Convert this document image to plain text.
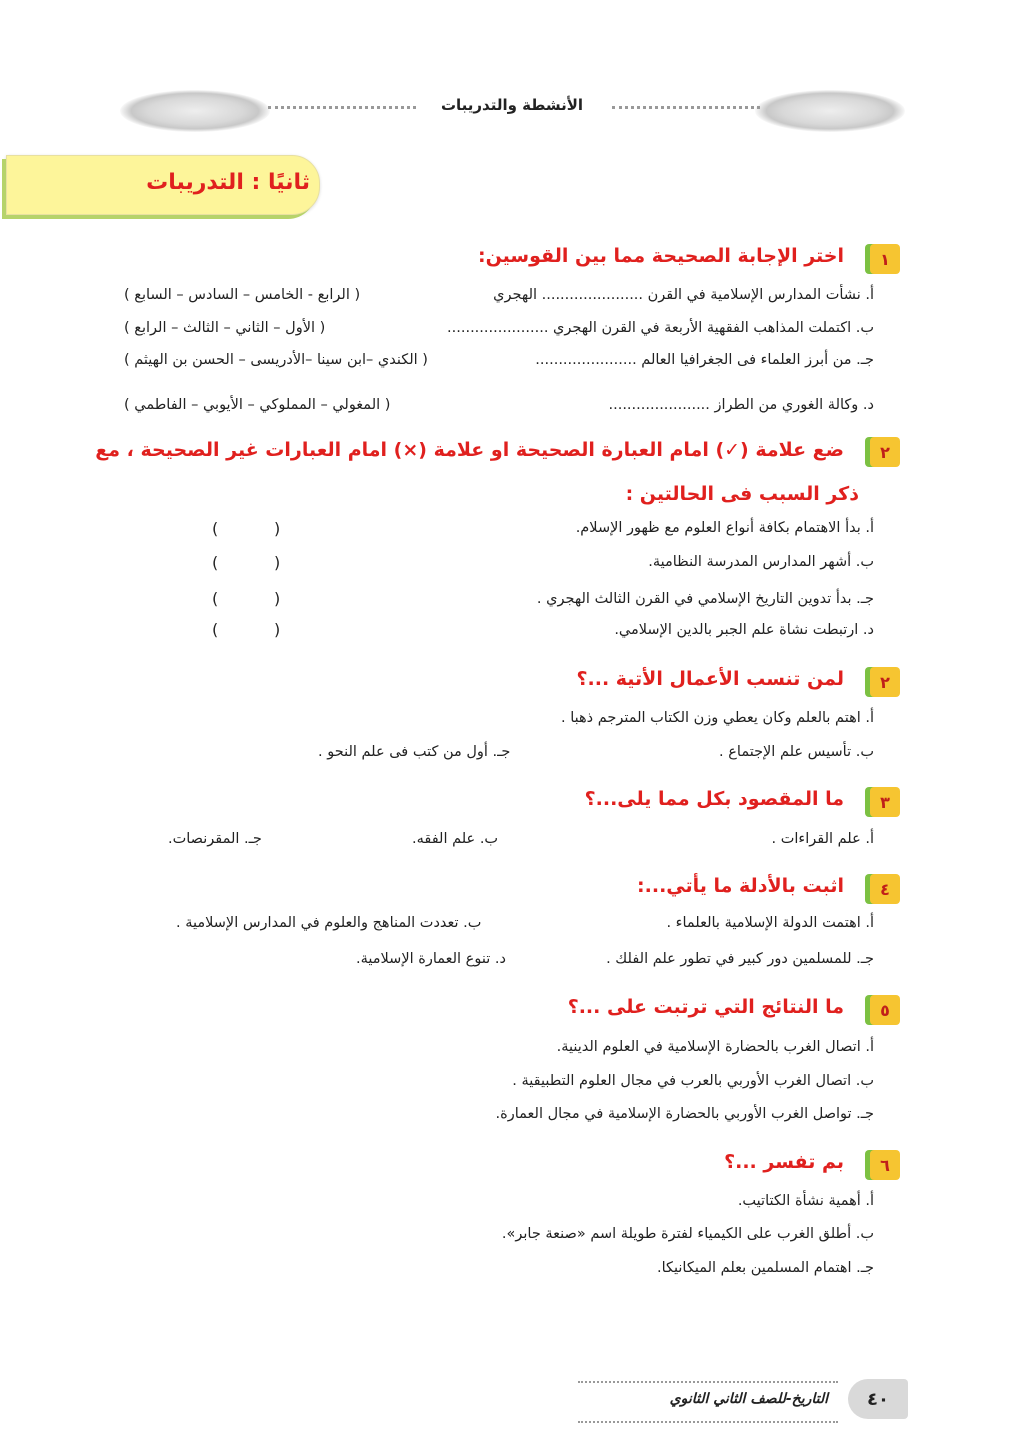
الأنشطة والتدريبات
ثانيًا : التدريبات
١
اختر الإجابة الصحيحة مما بين القوسين:
أ. نشأت المدارس الإسلامية في القرن ...................... الهجري
( الرابع - الخامس – السادس – السابع )
ب. اكتملت المذاهب الفقهية الأربعة في القرن الهجري ......................
( الأول – الثاني – الثالث – الرابع )
جـ. من أبرز العلماء فى الجغرافيا العالم ......................
( الكندي –ابن سينا –الأدريسى – الحسن بن الهيثم )
د. وكالة الغوري من الطراز ......................
( المغولي – المملوكي – الأيوبي – الفاطمي )
٢
ضع علامة (✓) امام العبارة الصحيحة او علامة (×) امام العبارات غير الصحيحة ، مع
ذكر السبب فى الحالتين :
أ. بدأ الاهتمام بكافة أنواع العلوم مع ظهور الإسلام.
ب. أشهر المدارس المدرسة النظامية.
جـ. بدأ تدوين التاريخ الإسلامي في القرن الثالث الهجري .
د. ارتبطت نشاة علم الجبر بالدين الإسلامي.
(
)
(
)
(
)
(
)
٢
لمن تنسب الأعمال الأتية ...؟
أ. اهتم بالعلم وكان يعطي وزن الكتاب المترجم ذهبا .
ب. تأسيس علم الإجتماع .
جـ. أول من كتب فى علم النحو .
٣
ما المقصود بكل مما يلى...؟
أ. علم القراءات .
ب. علم الفقه.
جـ. المقرنصات.
٤
اثبت بالأدلة ما يأتي...:
أ. اهتمت الدولة الإسلامية بالعلماء .
ب. تعددت المناهج والعلوم في المدارس الإسلامية .
جـ. للمسلمين دور كبير في تطور علم الفلك .
د. تنوع العمارة الإسلامية.
٥
ما النتائج التي ترتبت على ...؟
أ. اتصال الغرب بالحضارة الإسلامية في العلوم الدينية.
ب. اتصال الغرب الأوربي بالعرب في مجال العلوم التطبيقية .
جـ. تواصل الغرب الأوربي بالحضارة الإسلامية في مجال العمارة.
٦
بم تفسر ...؟
أ. أهمية نشأة الكتاتيب.
ب. أطلق الغرب على الكيمياء لفترة طويلة اسم «صنعة جابر».
جـ. اهتمام المسلمين بعلم الميكانيكا.
التاريخ-للصف الثاني الثانوي	٤٠
